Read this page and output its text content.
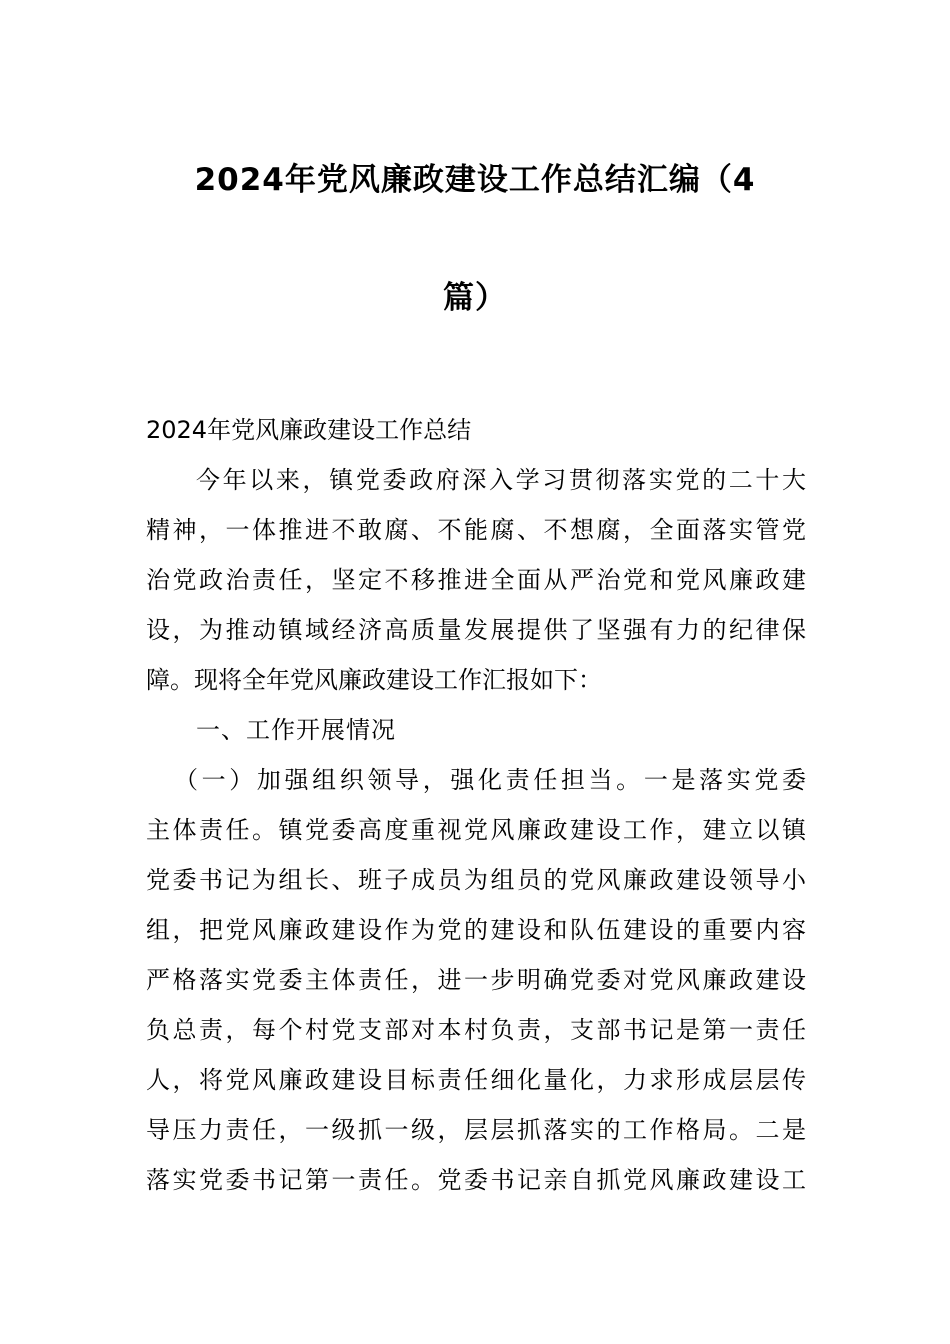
2024年党风廉政建设工作总结汇编（4
篇）
2024年党风廉政建设工作总结
今年以来，镇党委政府深入学习贯彻落实党的二十大
精神，一体推进不敢腐、不能腐、不想腐，全面落实管党
治党政治责任，坚定不移推进全面从严治党和党风廉政建
设，为推动镇域经济高质量发展提供了坚强有力的纪律保
障。现将全年党风廉政建设工作汇报如下：
一、工作开展情况
（一）加强组织领导，强化责任担当。一是落实党委
主体责任。镇党委高度重视党风廉政建设工作，建立以镇
党委书记为组长、班子成员为组员的党风廉政建设领导小
组，把党风廉政建设作为党的建设和队伍建设的重要内容
严格落实党委主体责任，进一步明确党委对党风廉政建设
负总责，每个村党支部对本村负责，支部书记是第一责任
人，将党风廉政建设目标责任细化量化，力求形成层层传
导压力责任，一级抓一级，层层抓落实的工作格局。二是
落实党委书记第一责任。党委书记亲自抓党风廉政建设工
